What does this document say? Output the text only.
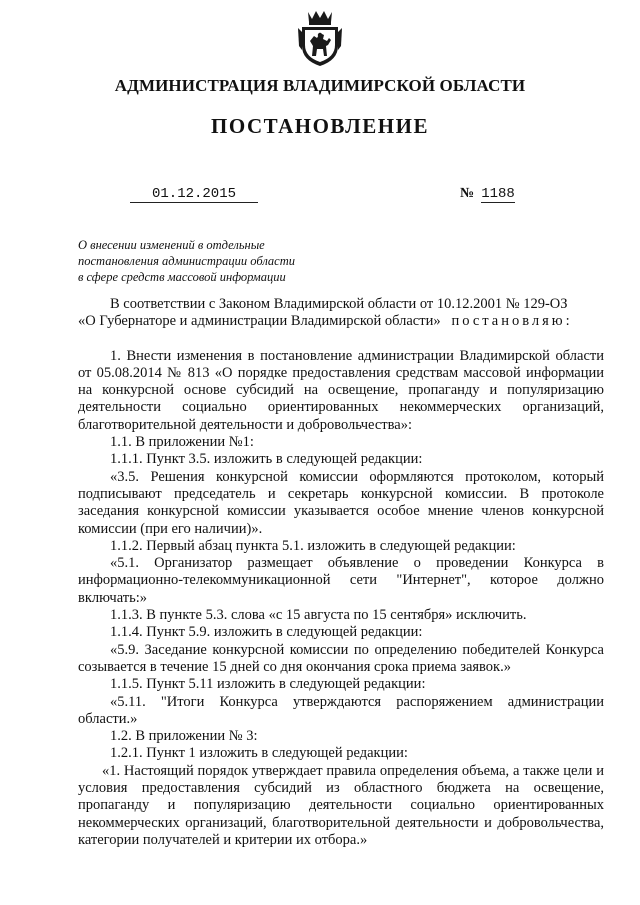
АДМИНИСТРАЦИЯ ВЛАДИМИРСКОЙ ОБЛАСТИ
ПОСТАНОВЛЕНИЕ
01.12.2015	№ 1188
О внесении изменений в отдельные
постановления администрации области
в сфере средств массовой информации
В соответствии с Законом Владимирской области от 10.12.2001 № 129-ОЗ
«О Губернаторе и администрации Владимирской области» постановляю:
1. Внести изменения в постановление администрации Владимирской области от 05.08.2014 № 813 «О порядке предоставления средствам массовой информации на конкурсной основе субсидий на освещение, пропаганду и популяризацию деятельности социально ориентированных некоммерческих организаций, благотворительной деятельности и добровольчества»:
1.1. В приложении №1:
1.1.1. Пункт 3.5. изложить в следующей редакции:
«3.5. Решения конкурсной комиссии оформляются протоколом, который подписывают председатель и секретарь конкурсной комиссии. В протоколе заседания конкурсной комиссии указывается особое мнение членов конкурсной комиссии (при его наличии)».
1.1.2. Первый абзац пункта 5.1. изложить в следующей редакции:
«5.1. Организатор размещает объявление о проведении Конкурса в информационно-телекоммуникационной сети "Интернет", которое должно включать:»
1.1.3. В пункте 5.3. слова «с 15 августа по 15 сентября» исключить.
1.1.4. Пункт 5.9. изложить в следующей редакции:
«5.9. Заседание конкурсной комиссии по определению победителей Конкурса созывается в течение 15 дней со дня окончания срока приема заявок.»
1.1.5. Пункт 5.11 изложить в следующей редакции:
«5.11. "Итоги Конкурса утверждаются распоряжением администрации области.»
1.2. В приложении № 3:
1.2.1. Пункт 1 изложить в следующей редакции:
«1. Настоящий порядок утверждает правила определения объема, а также цели и условия предоставления субсидий из областного бюджета на освещение, пропаганду и популяризацию деятельности социально ориентированных некоммерческих организаций, благотворительной деятельности и добровольчества, категории получателей и критерии их отбора.»
